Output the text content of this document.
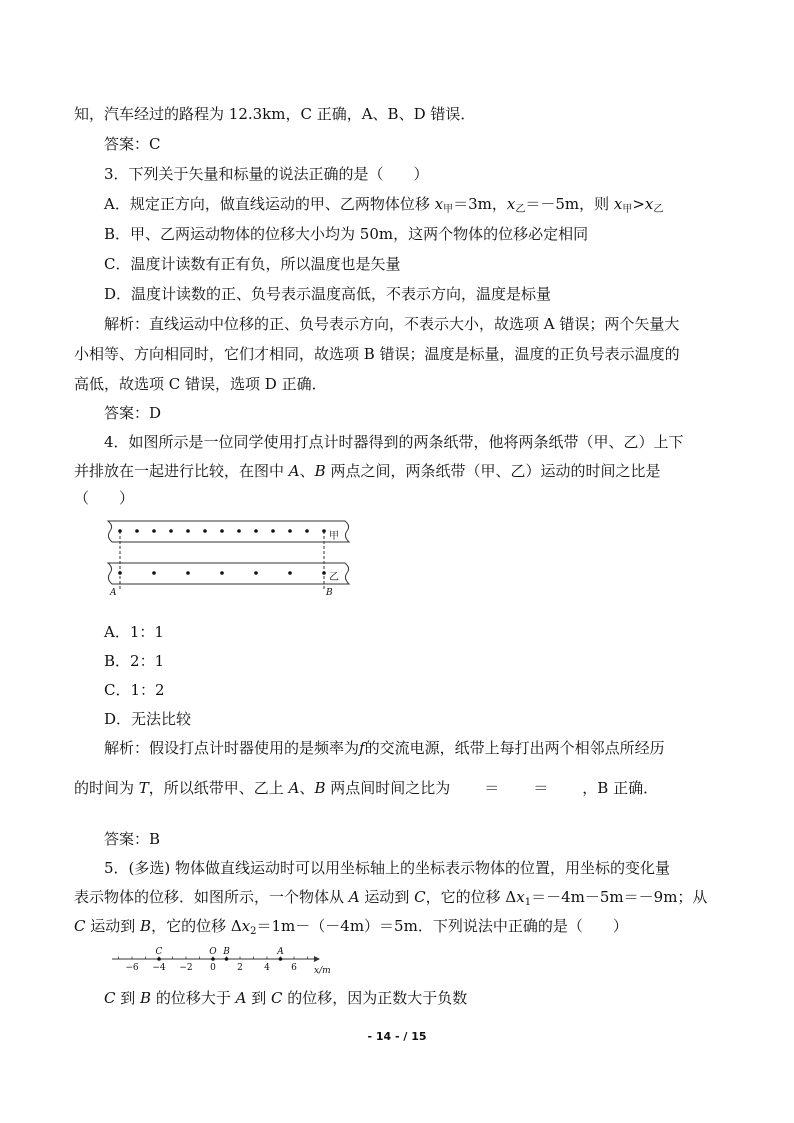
知，汽车经过的路程为 12.3km，C 正确，A、B、D 错误．
答案：C
3．下列关于矢量和标量的说法正确的是（　　）
A．规定正方向，做直线运动的甲、乙两物体位移 $x_甲=3m$，$x_乙=-5m$，则 $x_甲>x_乙$
B．甲、乙两运动物体的位移大小均为 50m，这两个物体的位移必定相同
C．温度计读数有正有负，所以温度也是矢量
D．温度计读数的正、负号表示温度高低，不表示方向，温度是标量
解析：直线运动中位移的正、负号表示方向，不表示大小，故选项 A 错误；两个矢量大
小相等、方向相同时，它们才相同，故选项 B 错误；温度是标量，温度的正负号表示温度的
高低，故选项 C 错误，选项 D 正确．
答案：D
4．如图所示是一位同学使用打点计时器得到的两条纸带，他将两条纸带（甲、乙）上下
并排放在一起进行比较，在图中 A、B 两点之间，两条纸带（甲、乙）运动的时间之比是
（　　）
甲
乙
A	B
A．1：1
B．2：1
C．1：2
D．无法比较
解析：假设打点计时器使用的是频率为f的交流电源，纸带上每打出两个相邻点所经历
的时间为 T，所以纸带甲、乙上 A、B 两点间时间之比为 ＝ ＝ ，B 正确．
答案：B
5．(多选) 物体做直线运动时可以用坐标轴上的坐标表示物体的位置，用坐标的变化量
表示物体的位移．如图所示，一个物体从 A 运动到 C，它的位移 $\Delta x_1=-4m-5m=-9m$；从
C 运动到 B，它的位移 $\Delta x_2=1m-(-4m)=5m$．下列说法中正确的是（　　）
−6 −4 −2 0 2 4 6
C	O B	A
x/m
C 到 B 的位移大于 A 到 C 的位移，因为正数大于负数
- 14 - / 15
